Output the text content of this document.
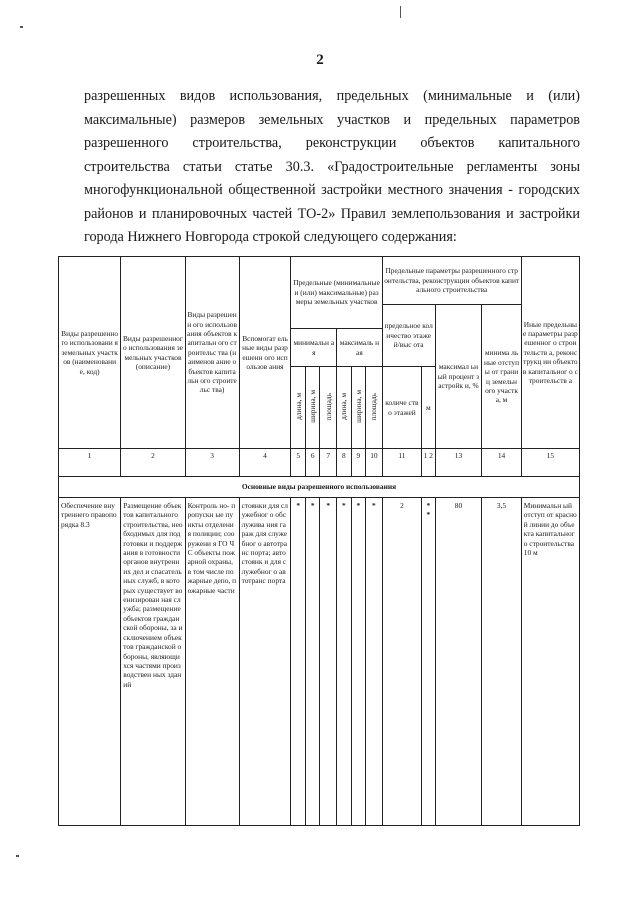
2
разрешенных видов использования, предельных (минимальные и (или)
максимальные) размеров земельных участков и предельных параметров
разрешенного строительства, реконструкции объектов капитального
строительства статьи статье 30.3. «Градостроительные регламенты зоны
многофункциональной общественной застройки местного значения - городских
районов и планировочных частей ТО-2» Правил землепользования и застройки
города Нижнего Новгорода строкой следующего содержания:
Виды разрешенного использовани я земельных участков (наименовани е, код)	Виды разрешенного использования земельных участков (описание)	Виды разрешенн ого использов ания объектов капитальн ого строительс тва (наименов ание объектов капитальн ого строительс тва)	Вспомогат ельные виды разрешенн ого использов ания	Предельные (минимальные и (или) максимальные) размеры земельных участков						Предельные параметры разрешенного строительства, реконструкции объектов капитального строительства				Иные предельные параметры разрешенног о строительств а, реконструкц ии объектов капитальног о строительств а
										предельное количество этажей/выс ота		максимал ьный процент застройк и, %	минима льные отступы от границ земельн ого участка, м	
				минимальн ая			максималь ная							
				длина, м	ширина, м	площадь	длина, м	ширина, м	площадь	количе ство этажей	м			
1	2	3	4	5	6	7	8	9	10	11	1 2	13	14	15
Основные виды разрешенного использования														
Обеспечение внутреннего правопорядка 8.3	Размещение объектов капитального строительства, необходимых для подготовки и поддержания в готовности органов внутренних дел и спасательных служб, в которых существует военизирован ная служба; размещение объектов гражданской обороны, за исключением объектов гражданской обороны, являющихся частями производствен ных зданий	Контроль но- пропускн ые пункты отделения полиции; сооружени я ГО ЧС объекты пожарной охраны, в том числе пожарные депо, пожарные части	стоянки для служебног о обслужива ния гараж для служебног о автотранс порта; автостоянк и для служебног о автотранс порта	*	*	*	*	*	*	2	* *	80	3,5	Минимальн ый отступ от красной линии до объекта капитальног о строительства 10 м
